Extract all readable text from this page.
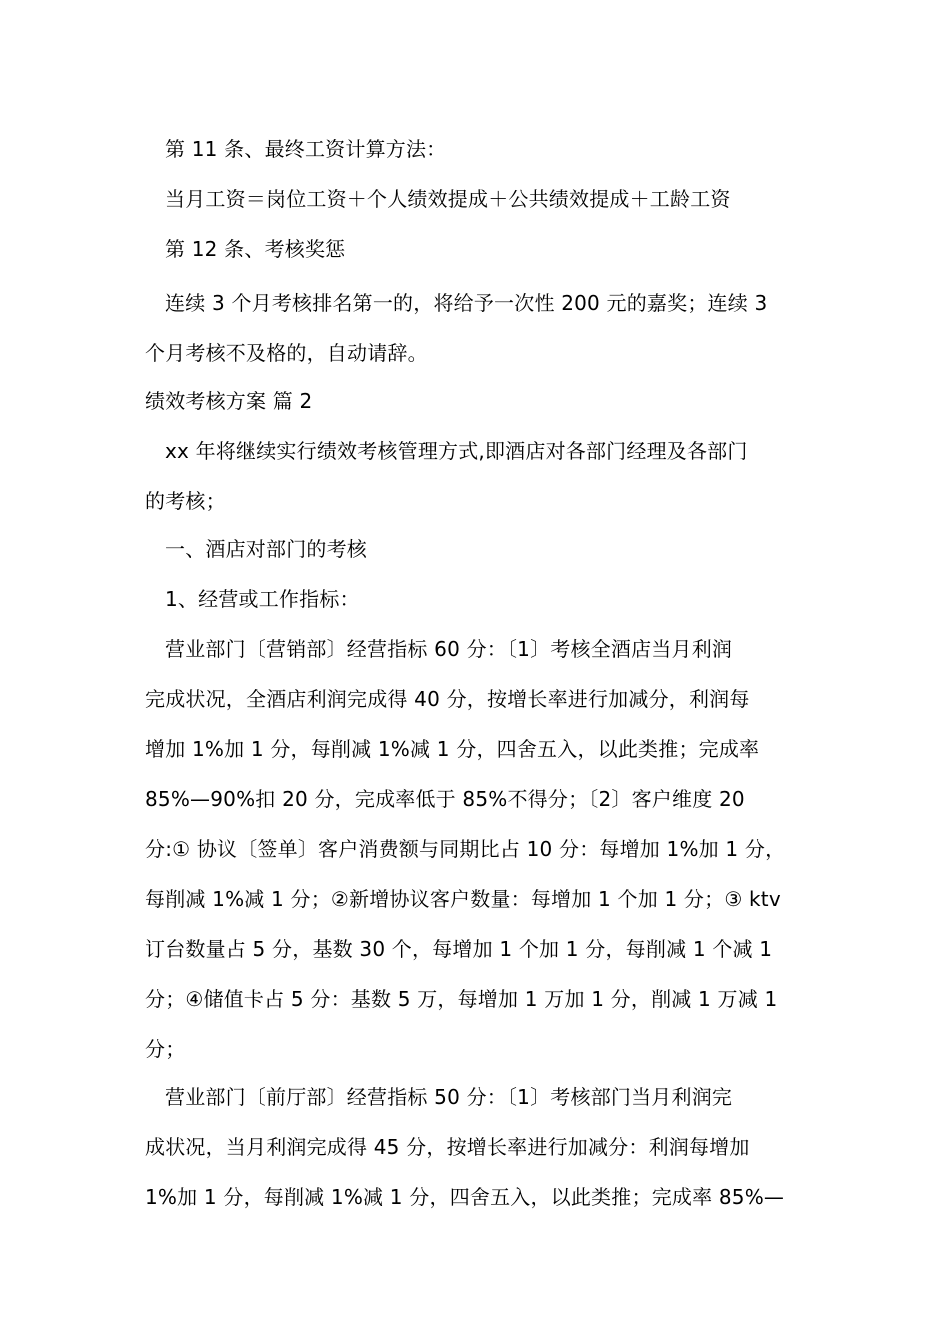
第 11 条、最终工资计算方法：
当月工资＝岗位工资＋个人绩效提成＋公共绩效提成＋工龄工资
第 12 条、考核奖惩
连续 3 个月考核排名第一的，将给予一次性 200 元的嘉奖；连续 3
个月考核不及格的，自动请辞。
绩效考核方案 篇 2
xx 年将继续实行绩效考核管理方式,即酒店对各部门经理及各部门
的考核；
一、酒店对部门的考核
1、经营或工作指标：
营业部门〔营销部〕经营指标 60 分：〔1〕考核全酒店当月利润
完成状况，全酒店利润完成得 40 分，按增长率进行加减分，利润每
增加 1%加 1 分，每削减 1%减 1 分，四舍五入，以此类推；完成率
85%—90%扣 20 分，完成率低于 85%不得分；〔2〕客户维度 20
分:① 协议〔签单〕客户消费额与同期比占 10 分：每增加 1%加 1 分，
每削减 1%减 1 分；②新增协议客户数量：每增加 1 个加 1 分；③ ktv
订台数量占 5 分，基数 30 个，每增加 1 个加 1 分，每削减 1 个减 1
分；④储值卡占 5 分：基数 5 万，每增加 1 万加 1 分，削减 1 万减 1
分；
营业部门〔前厅部〕经营指标 50 分：〔1〕考核部门当月利润完
成状况，当月利润完成得 45 分，按增长率进行加减分：利润每增加
1%加 1 分，每削减 1%减 1 分，四舍五入，以此类推；完成率 85%—
